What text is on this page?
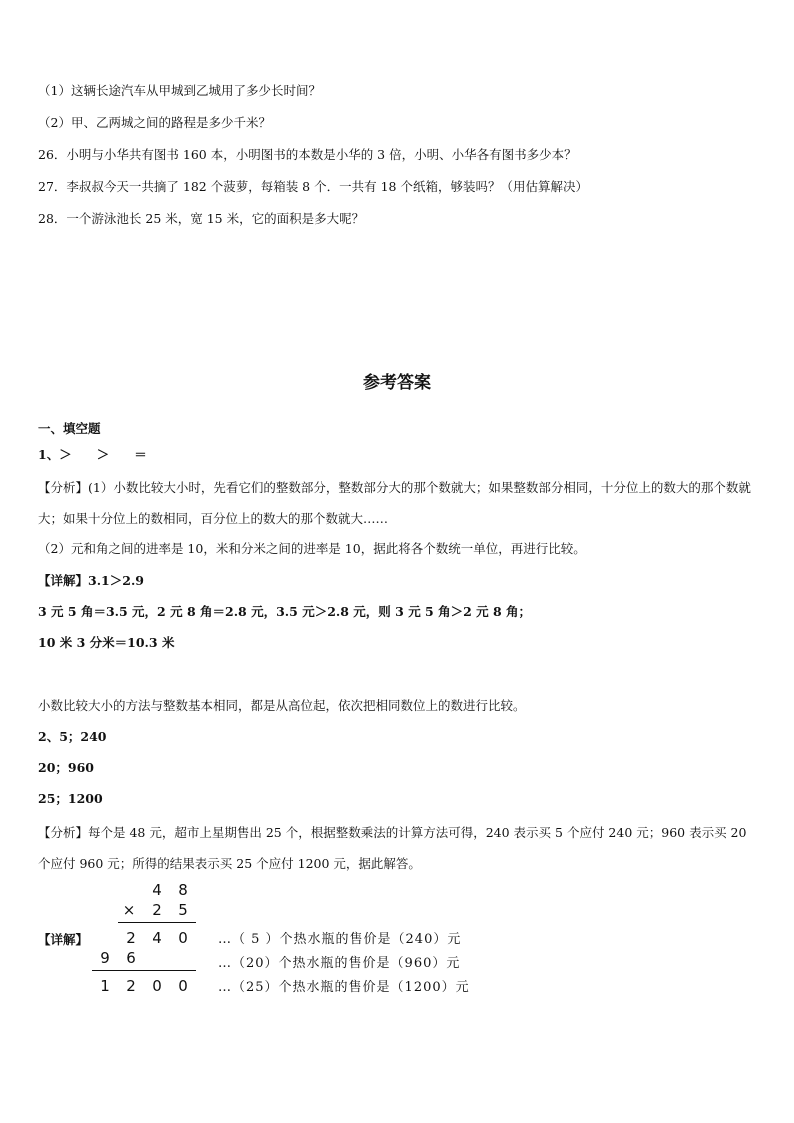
（1）这辆长途汽车从甲城到乙城用了多少长时间？
（2）甲、乙两城之间的路程是多少千米？
26．小明与小华共有图书 160 本，小明图书的本数是小华的 3 倍，小明、小华各有图书多少本？
27．李叔叔今天一共摘了 182 个菠萝，每箱装 8 个．一共有 18 个纸箱，够装吗？（用估算解决）
28．一个游泳池长 25 米，宽 15 米，它的面积是多大呢？
参考答案
一、填空题
1、＞　　＞　　＝
【分析】(1）小数比较大小时，先看它们的整数部分，整数部分大的那个数就大；如果整数部分相同，十分位上的数大的那个数就大；如果十分位上的数相同，百分位上的数大的那个数就大……
（2）元和角之间的进率是 10，米和分米之间的进率是 10，据此将各个数统一单位，再进行比较。
【详解】3.1＞2.9
3 元 5 角＝3.5 元，2 元 8 角＝2.8 元，3.5 元＞2.8 元，则 3 元 5 角＞2 元 8 角；
10 米 3 分米＝10.3 米
小数比较大小的方法与整数基本相同，都是从高位起，依次把相同数位上的数进行比较。
2、5；240
20；960
25；1200
【分析】每个是 48 元，超市上星期售出 25 个，根据整数乘法的计算方法可得，240 表示买 5 个应付 240 元；960 表示买 20 个应付 960 元；所得的结果表示买 25 个应付 1200 元，据此解答。
【详解】
4 8
× 2 5
2 4 0
9 6
1 2 0 0
…（ 5 ）个热水瓶的售价是（240）元
…（20）个热水瓶的售价是（960）元
…（25）个热水瓶的售价是（1200）元
